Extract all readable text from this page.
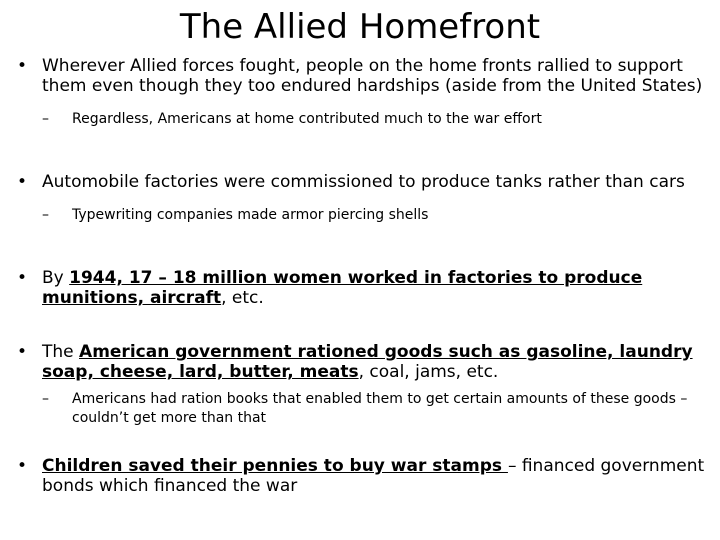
The Allied Homefront

• Wherever Allied forces fought, people on the home fronts rallied to support them even though they too endured hardships (aside from the United States)

– Regardless, Americans at home contributed much to the war effort

• Automobile factories were commissioned to produce tanks rather than cars

– Typewriting companies made armor piercing shells

• By 1944, 17 – 18 million women worked in factories to produce munitions, aircraft, etc.

• The American government rationed goods such as gasoline, laundry soap, cheese, lard, butter, meats, coal, jams, etc.

– Americans had ration books that enabled them to get certain amounts of these goods – couldn’t get more than that

• Children saved their pennies to buy war stamps – financed government bonds which financed the war
